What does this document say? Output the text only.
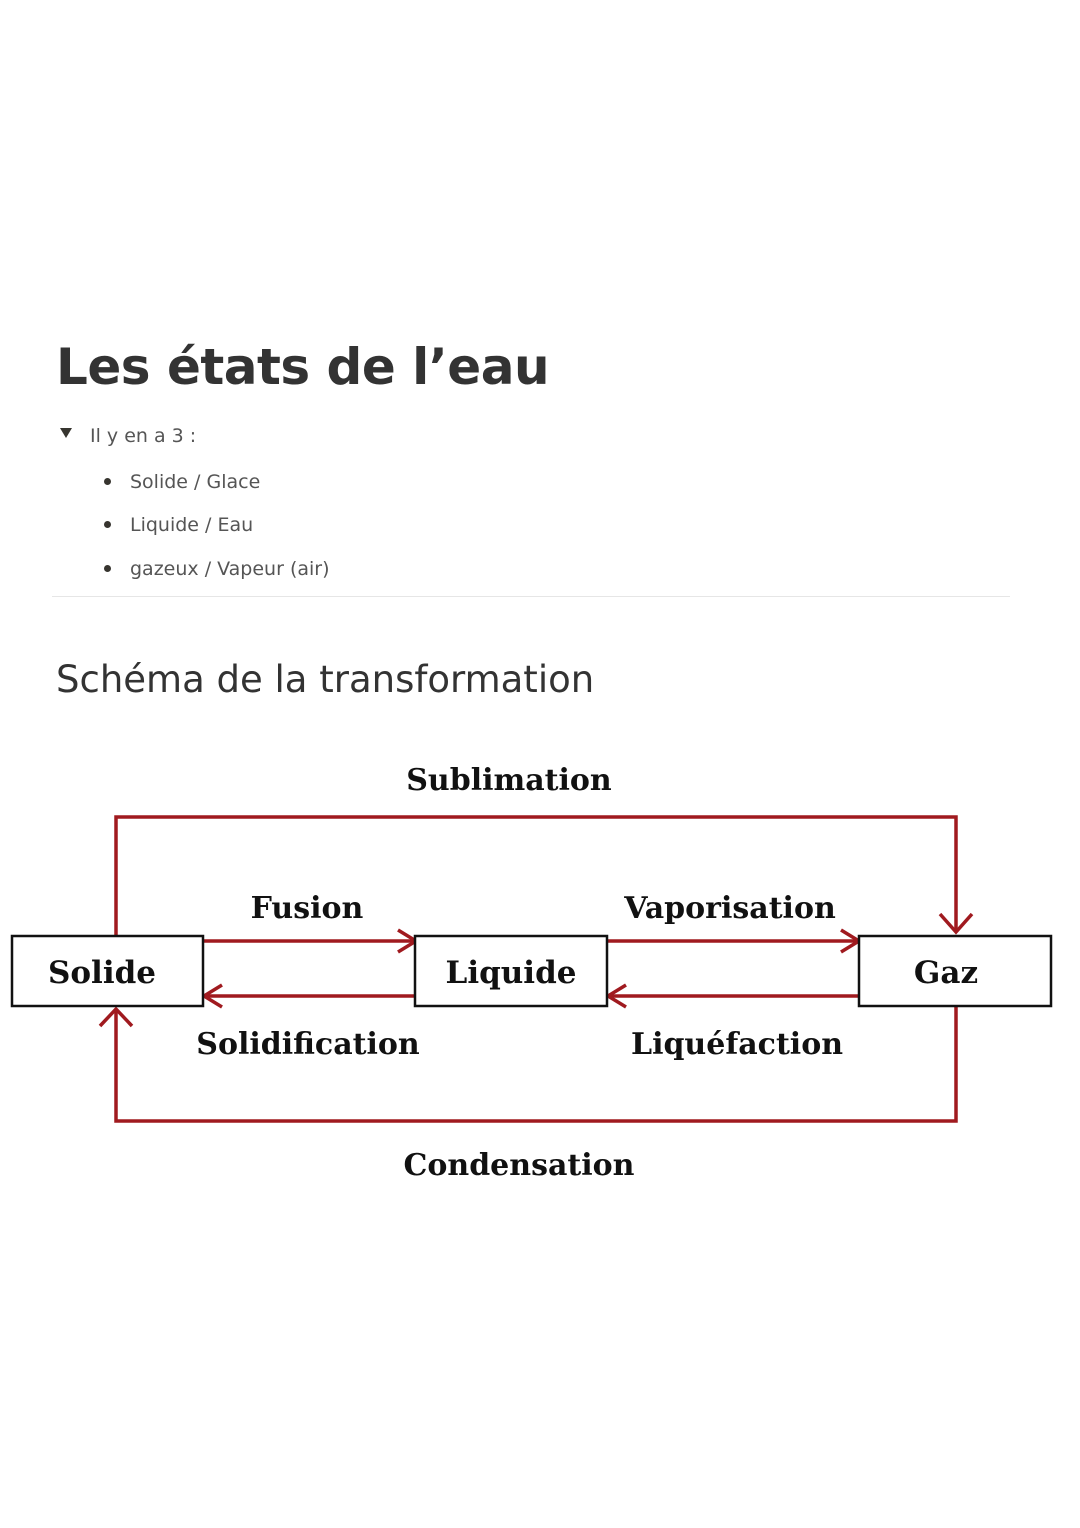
Les états de l’eau
Il y en a 3 :
Solide / Glace
Liquide / Eau
gazeux / Vapeur (air)
Schéma de la transformation
Solide	Liquide	Gaz
Sublimation
Fusion	Vaporisation
Solidification	Liquéfaction
Condensation
